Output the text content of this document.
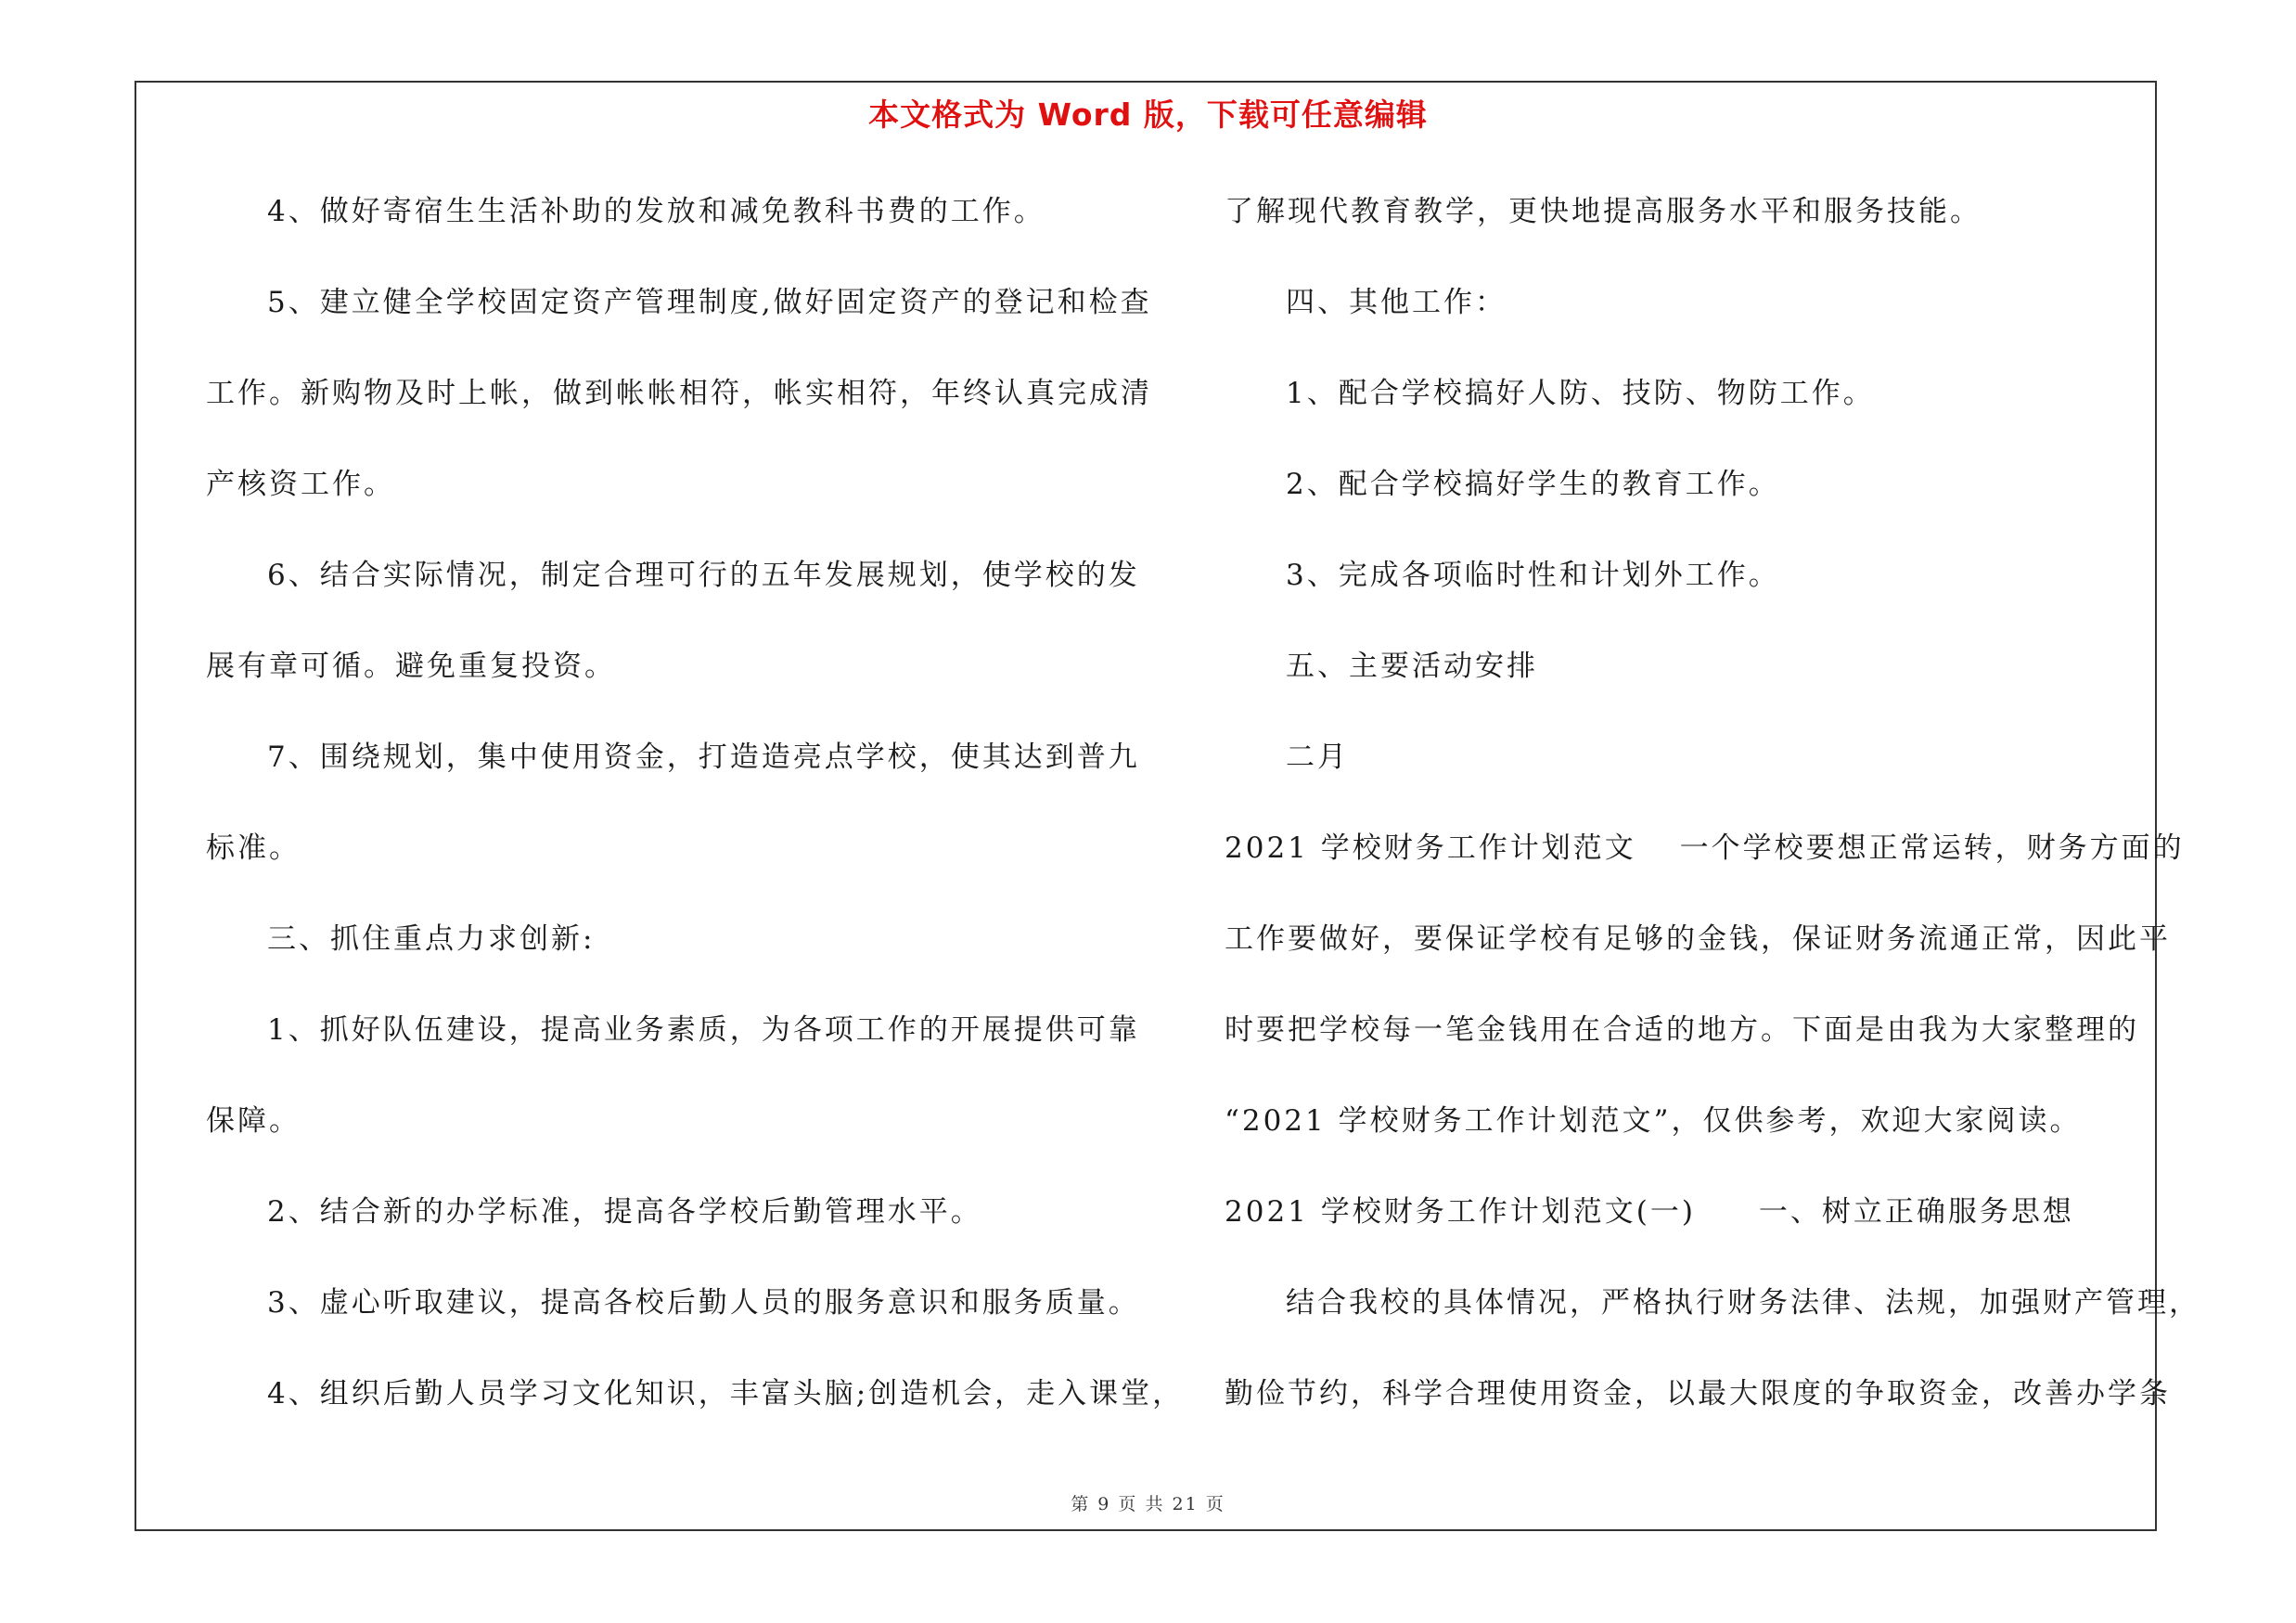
本文格式为 Word 版，下载可任意编辑
4、做好寄宿生生活补助的发放和减免教科书费的工作。
5、建立健全学校固定资产管理制度,做好固定资产的登记和检查
工作。新购物及时上帐，做到帐帐相符，帐实相符，年终认真完成清
产核资工作。
6、结合实际情况，制定合理可行的五年发展规划，使学校的发
展有章可循。避免重复投资。
7、围绕规划，集中使用资金，打造造亮点学校，使其达到普九
标准。
三、抓住重点力求创新:
1、抓好队伍建设，提高业务素质，为各项工作的开展提供可靠
保障。
2、结合新的办学标准，提高各学校后勤管理水平。
3、虚心听取建议，提高各校后勤人员的服务意识和服务质量。
4、组织后勤人员学习文化知识，丰富头脑;创造机会，走入课堂，
了解现代教育教学，更快地提高服务水平和服务技能。
四、其他工作：
1、配合学校搞好人防、技防、物防工作。
2、配合学校搞好学生的教育工作。
3、完成各项临时性和计划外工作。
五、主要活动安排
二月
2021 学校财务工作计划范文　 一个学校要想正常运转，财务方面的
工作要做好，要保证学校有足够的金钱，保证财务流通正常，因此平
时要把学校每一笔金钱用在合适的地方。下面是由我为大家整理的
“2021 学校财务工作计划范文”，仅供参考，欢迎大家阅读。
2021 学校财务工作计划范文(一)　　一、树立正确服务思想
结合我校的具体情况，严格执行财务法律、法规，加强财产管理，
勤俭节约，科学合理使用资金，以最大限度的争取资金，改善办学条
第 9 页 共 21 页
